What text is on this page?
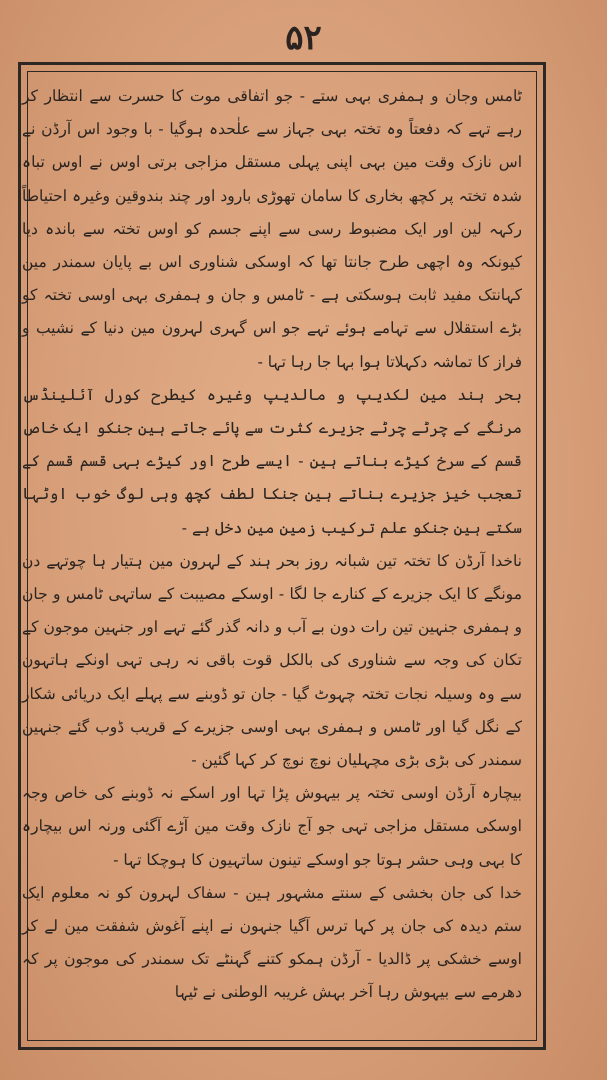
۵۲

ٹامس وجان و ہمفری بہی ستے - جو اتفاقی موت کا حسرت سے انتظار کر رہے تہے کہ دفعتاً وہ تختہ بہی جہاز سے علٰحدہ ہوگیا - با وجود اس آرڈن نے اس نازک وقت مین بہی اپنی پہلی مستقل مزاجی برتی اوس نے اوس تباہ شدہ تختہ پر کچھ بخاری کا سامان تھوڑی بارود اور چند بندوقین وغیرہ احتیاطاً رکہہ لین اور ایک مضبوط رسی سے اپنے جسم کو اوس تختہ سے باندہ دیا کیونکہ وہ اچھی طرح جانتا تھا کہ اوسکی شناوری اس بے پایان سمندر مین کہانتک مفید ثابت ہوسکتی ہے - ٹامس و جان و ہمفری بہی اوسی تختہ کو بڑے استقلال سے تہامے ہوئے تہے جو اس گہری لہرون مین دنیا کے نشیب و فراز کا تماشہ دکہلاتا ہوا بہا جا رہا تہا -

بحر ہند مین لکدیپ و مالدیپ وغیرہ کیطرح کورل آئلینڈس مرنگے کے چرٹے چرٹے جزیرے کثرت سے پائے جاتے ہین جنکو ایک خاص قسم کے سرخ کیڑے بناتے ہین - ایسے طرح اور کیڑے بہی قسم قسم کے تعجب خیز جزیرے بناتے ہین جنکا لطف کچھ وہی لوگ خوب اوٹہا سکتے ہین جنکو علم ترکیب زمین مین دخل ہے -

ناخدا آرڈن کا تختہ تین شبانہ روز بحر ہند کے لہرون مین ہتیار ہا چوتہے دن مونگے کا ایک جزیرے کے کنارے جا لگا - اوسکے مصیبت کے ساتہی ٹامس و جان و ہمفری جنہین تین رات دون بے آب و دانہ گذر گئے تہے اور جنہین موجون کے تکان کی وجہ سے شناوری کی بالکل قوت باقی نہ رہی تہی اونکے ہاتہون سے وہ وسیلہ نجات تختہ چہوٹ گیا - جان تو ڈوبنے سے پہلے ایک دریائی شکار کے نگل گیا اور ٹامس و ہمفری بہی اوسی جزیرے کے قریب ڈوب گئے جنہین سمندر کی بڑی بڑی مچہلیان نوچ نوچ کر کہا گئین -

بیچارہ آرڈن اوسی تختہ پر بیہوش پڑا تہا اور اسکے نہ ڈوبنے کی خاص وجہ اوسکی مستقل مزاجی تہی جو آج نازک وقت مین آڑے آگئی ورنہ اس بیچارہ کا بہی وہی حشر ہوتا جو اوسکے تینون ساتہیون کا ہوچکا تہا -

خدا کی جان بخشی کے سنتے مشہور ہین - سفاک لہرون کو نہ معلوم ایک ستم دیدہ کی جان پر کہا ترس آگیا جنہون نے اپنے آغوش شفقت مین لے کر اوسے خشکی پر ڈالدیا - آرڈن ہمکو کتنے گہنٹے تک سمندر کی موجون پر کہ دھرمے سے بیہوش رہا آخر بہش غریبہ الوطنی نے ٹیہا
